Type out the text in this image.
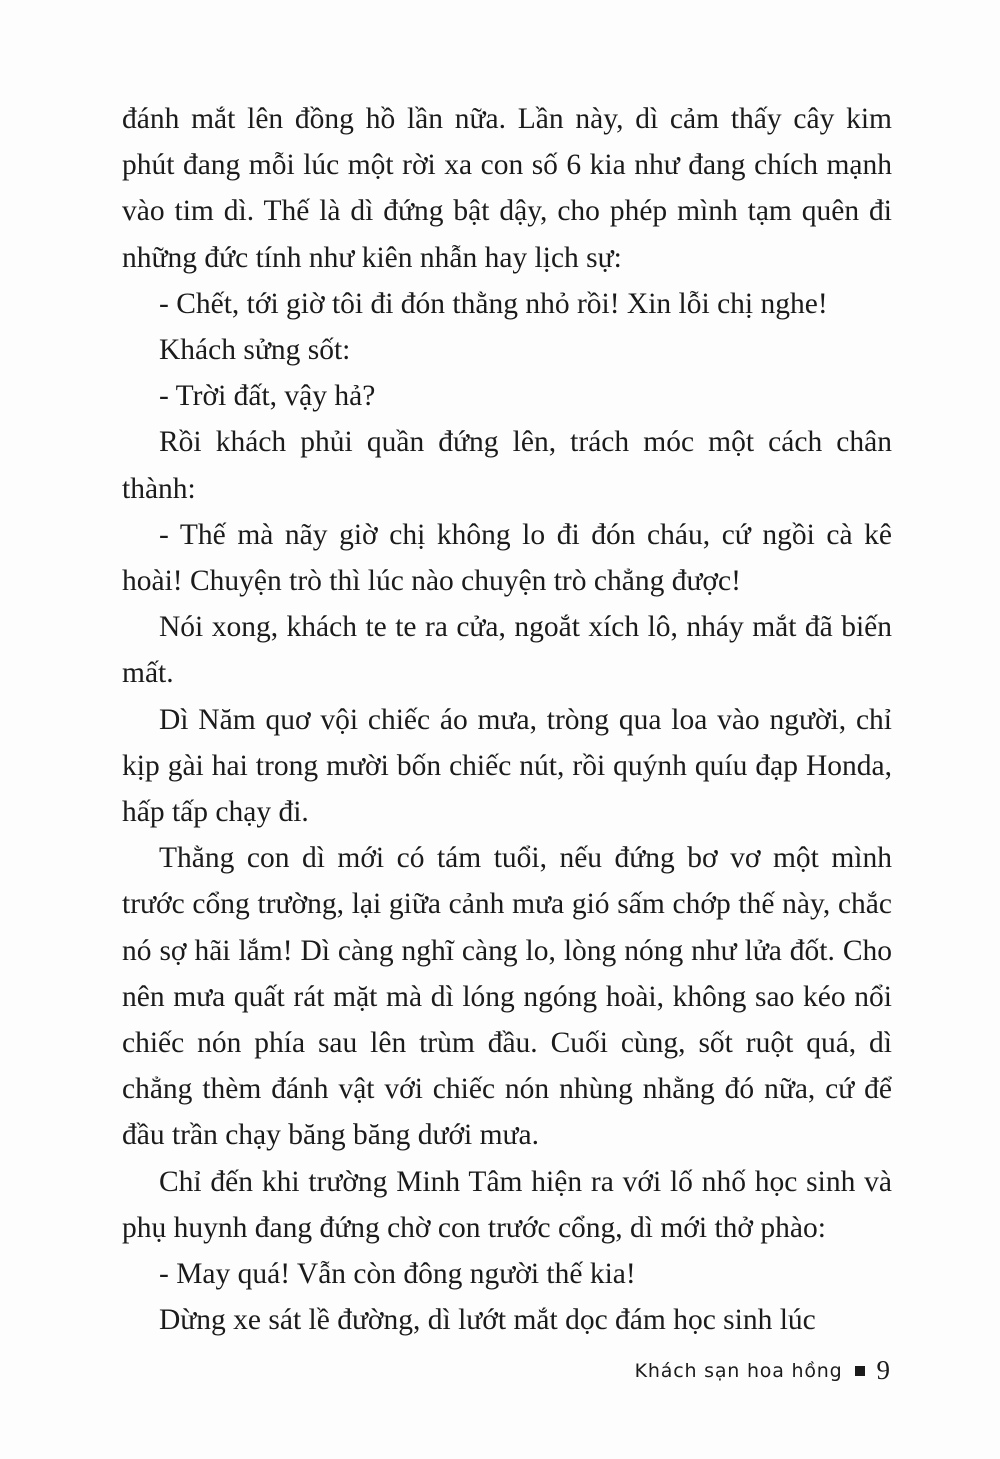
đánh mắt lên đồng hồ lần nữa. Lần này, dì cảm thấy cây kim phút đang mỗi lúc một rời xa con số 6 kia như đang chích mạnh vào tim dì. Thế là dì đứng bật dậy, cho phép mình tạm quên đi những đức tính như kiên nhẫn hay lịch sự:

- Chết, tới giờ tôi đi đón thằng nhỏ rồi! Xin lỗi chị nghe!

Khách sửng sốt:

- Trời đất, vậy hả?

Rồi khách phủi quần đứng lên, trách móc một cách chân thành:

- Thế mà nãy giờ chị không lo đi đón cháu, cứ ngồi cà kê hoài! Chuyện trò thì lúc nào chuyện trò chẳng được!

Nói xong, khách te te ra cửa, ngoắt xích lô, nháy mắt đã biến mất.

Dì Năm quơ vội chiếc áo mưa, tròng qua loa vào người, chỉ kịp gài hai trong mười bốn chiếc nút, rồi quýnh quíu đạp Honda, hấp tấp chạy đi.

Thằng con dì mới có tám tuổi, nếu đứng bơ vơ một mình trước cổng trường, lại giữa cảnh mưa gió sấm chớp thế này, chắc nó sợ hãi lắm! Dì càng nghĩ càng lo, lòng nóng như lửa đốt. Cho nên mưa quất rát mặt mà dì lóng ngóng hoài, không sao kéo nổi chiếc nón phía sau lên trùm đầu. Cuối cùng, sốt ruột quá, dì chẳng thèm đánh vật với chiếc nón nhùng nhằng đó nữa, cứ để đầu trần chạy băng băng dưới mưa.

Chỉ đến khi trường Minh Tâm hiện ra với lố nhố học sinh và phụ huynh đang đứng chờ con trước cổng, dì mới thở phào:

- May quá! Vẫn còn đông người thế kia!

Dừng xe sát lề đường, dì lướt mắt dọc đám học sinh lúc

Khách sạn hoa hồng 9
